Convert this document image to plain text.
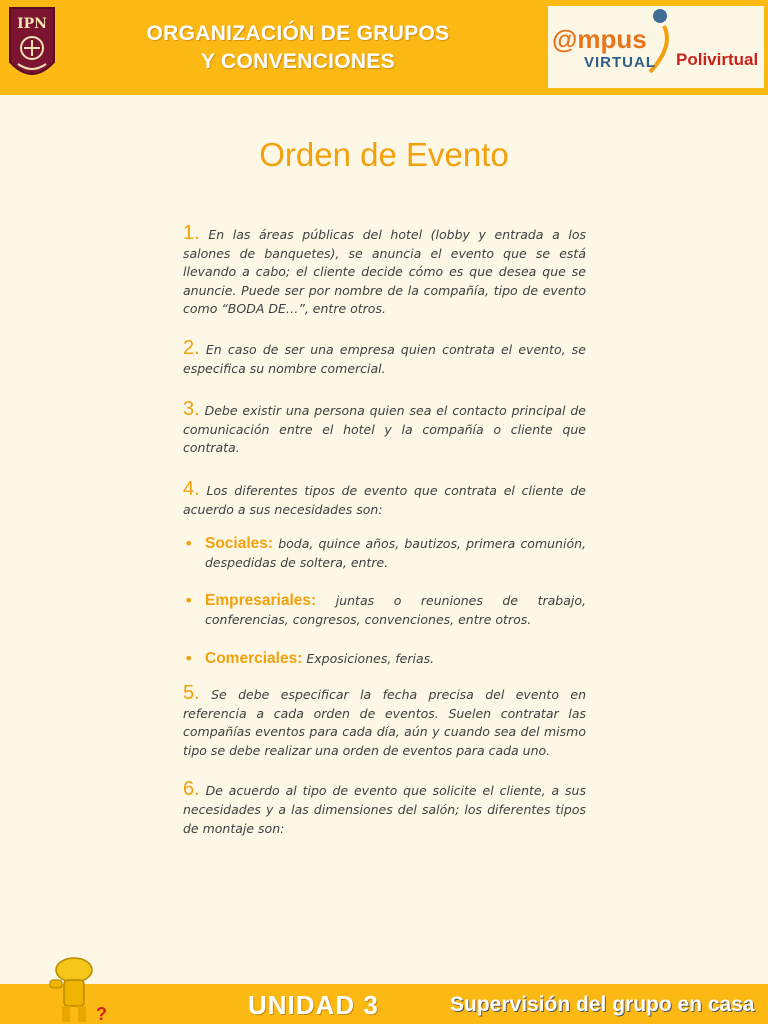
IPN	ORGANIZACIÓN DE GRUPOS
Y CONVENCIONES
@mpus
VIRTUAL Polivirtual
Orden de Evento

1. En las áreas públicas del hotel (lobby y entrada a los salones de banquetes), se anuncia el evento que se está llevando a cabo; el cliente decide cómo es que desea que se anuncie. Puede ser por nombre de la compañía, tipo de evento como “BODA DE…”, entre otros.

2. En caso de ser una empresa quien contrata el evento, se especifica su nombre comercial.

3. Debe existir una persona quien sea el contacto principal de comunicación entre el hotel y la compañía o cliente que contrata.

4. Los diferentes tipos de evento que contrata el cliente de acuerdo a sus necesidades son:

• Sociales: boda, quince años, bautizos, primera comunión, despedidas de soltera, entre.
• Empresariales: juntas o reuniones de trabajo, conferencias, congresos, convenciones, entre otros.
• Comerciales: Exposiciones, ferias.

5. Se debe especificar la fecha precisa del evento en referencia a cada orden de eventos. Suelen contratar las compañías eventos para cada día, aún y cuando sea del mismo tipo se debe realizar una orden de eventos para cada uno.

6. De acuerdo al tipo de evento que solicite el cliente, a sus necesidades y a las dimensiones del salón; los diferentes tipos de montaje son:

?	UNIDAD 3	Supervisión del grupo en casa
